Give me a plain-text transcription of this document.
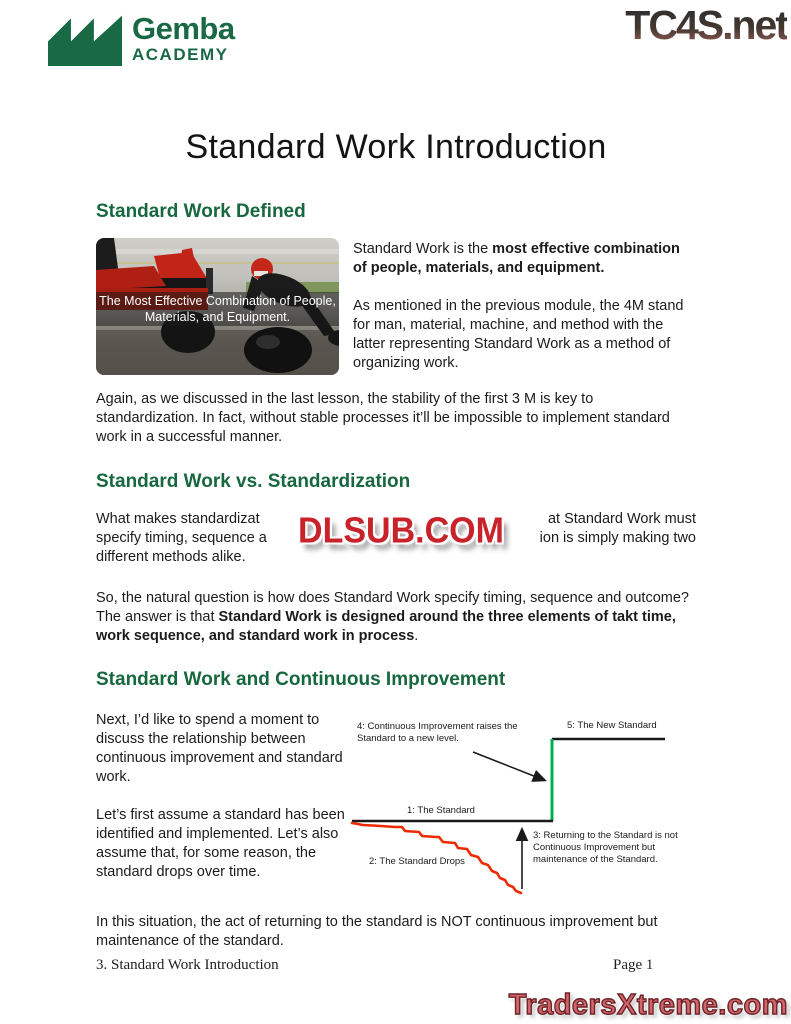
Gemba
ACADEMY
TC4S.net
Standard Work Introduction
Standard Work Defined
The Most Effective Combination of People,
Materials, and Equipment.

Standard Work is the most effective combination of people, materials, and equipment.

As mentioned in the previous module, the 4M stand for man, material, machine, and method with the latter representing Standard Work as a method of organizing work.

Again, as we discussed in the last lesson, the stability of the first 3 M is key to standardization. In fact, without stable processes it’ll be impossible to implement standard work in a successful manner.

Standard Work vs. Standardization
What makes standardizat	at Standard Work must
specify timing, sequence a	ion is simply making two
different methods alike.
DLSUB.COM

So, the natural question is how does Standard Work specify timing, sequence and outcome? The answer is that Standard Work is designed around the three elements of takt time, work sequence, and standard work in process.

Standard Work and Continuous Improvement

Next, I’d like to spend a moment to discuss the relationship between continuous improvement and standard work.

Let’s first assume a standard has been identified and implemented. Let’s also assume that, for some reason, the standard drops over time.

4: Continuous Improvement raises the Standard to a new level.
5: The New Standard
1: The Standard
2: The Standard Drops
3: Returning to the Standard is not Continuous Improvement but maintenance of the Standard.

In this situation, the act of returning to the standard is NOT continuous improvement but maintenance of the standard.

3. Standard Work Introduction	Page 1
TradersXtreme.com
